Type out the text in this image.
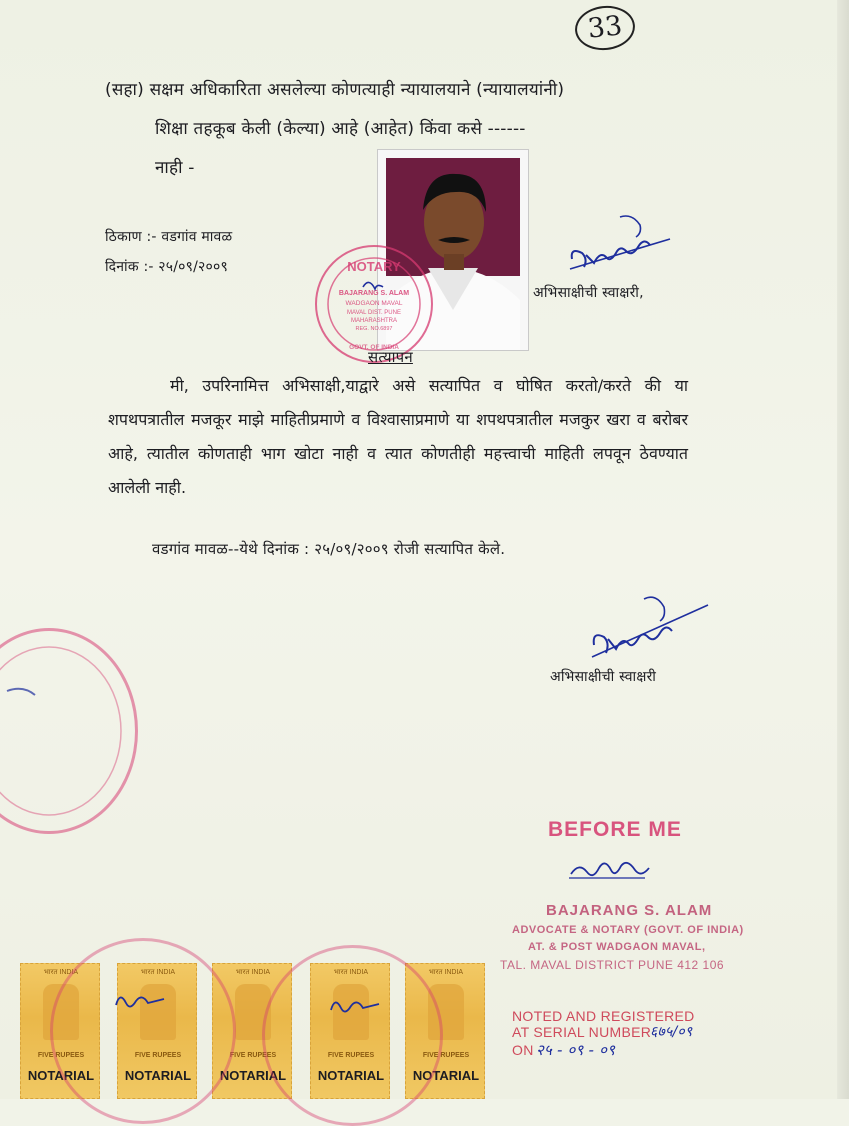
33
(सहा) सक्षम अधिकारिता असलेल्या कोणत्याही न्यायालयाने (न्यायालयांनी)
शिक्षा तहकूब केली (केल्या) आहे (आहेत) किंवा कसे ------
नाही -
ठिकाण :- वडगांव मावळ
दिनांक :- २५/०९/२००९	NOTARY
BAJARANG S. ALAM
WADGAON MAVAL
MAVAL DIST. PUNE
MAHARASHTRA
REG. NO.6897
GOVT. OF INDIA
अभिसाक्षीची स्वाक्षरी,
सत्यापन
मी, उपरिनामित्त अभिसाक्षी,याद्वारे असे सत्यापित व घोषित करतो/करते की या शपथपत्रातील मजकूर माझे माहितीप्रमाणे व विश्वासाप्रमाणे या शपथपत्रातील मजकुर खरा व बरोबर आहे, त्यातील कोणताही भाग खोटा नाही व त्यात कोणतीही महत्त्वाची माहिती लपवून ठेवण्यात आलेली नाही.
वडगांव मावळ--येथे दिनांक : २५/०९/२००९ रोजी सत्यापित केले.
अभिसाक्षीची स्वाक्षरी
BEFORE ME
BAJARANG S. ALAM
ADVOCATE & NOTARY (GOVT. OF INDIA)
AT. & POST WADGAON MAVAL,
TAL. MAVAL DISTRICT PUNE 412 106
NOTED AND REGISTERED
AT SERIAL NUMBER
६७५/०९
ON २५ - ०९ - ०९
भारत INDIA
FIVE RUPEES
NOTARIAL
भारत INDIA
FIVE RUPEES
NOTARIAL
भारत INDIA
FIVE RUPEES
NOTARIAL
भारत INDIA
FIVE RUPEES
NOTARIAL
भारत INDIA
FIVE RUPEES
NOTARIAL
